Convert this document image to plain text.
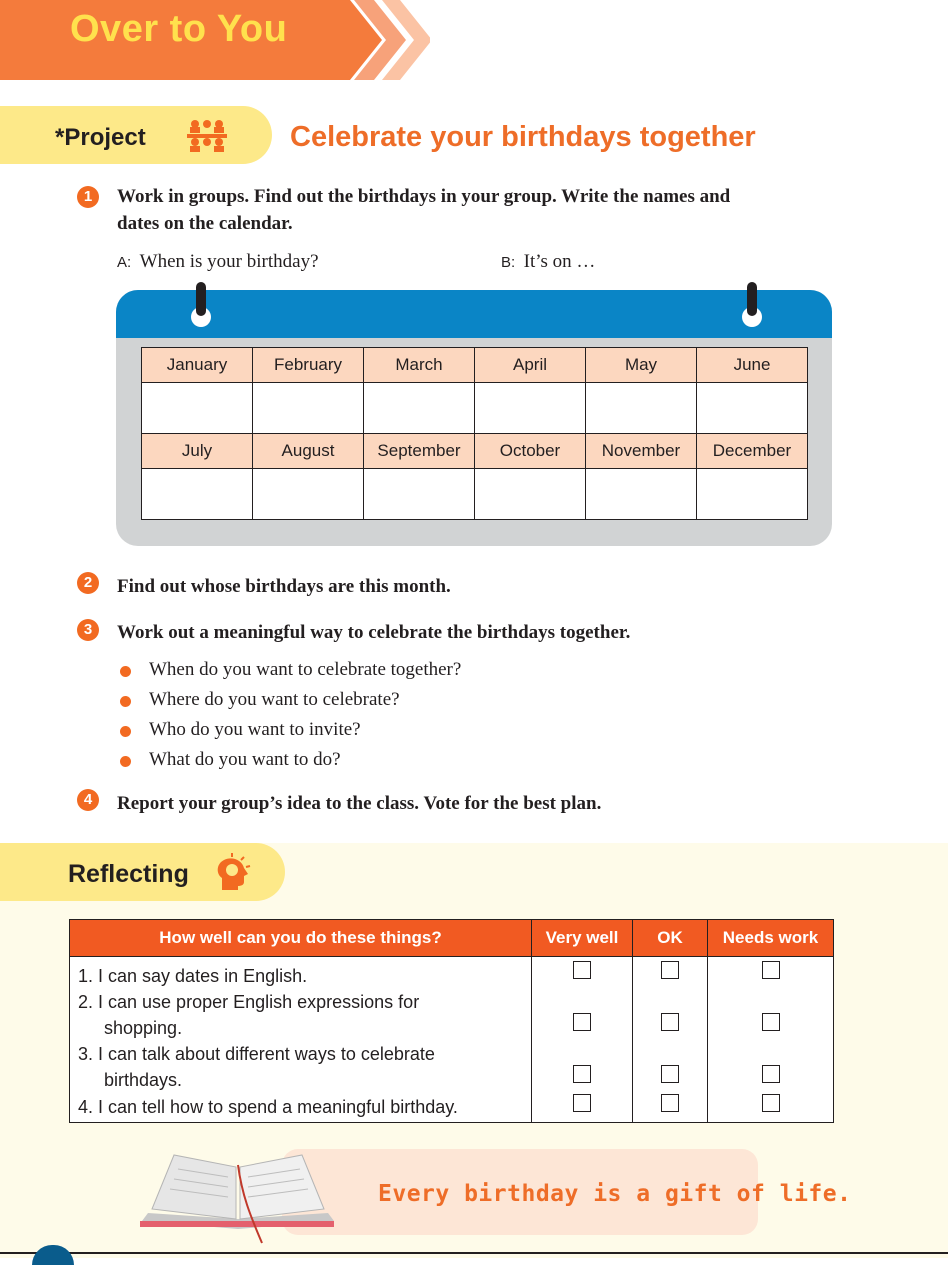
Over to You
*Project	Celebrate your birthdays together
1	Work in groups. Find out the birthdays in your group. Write the names and
dates on the calendar.
A: When is your birthday?	B: It’s on …
January	February	March	April	May	June

July	August	September	October	November	December

2	Find out whose birthdays are this month.
3	Work out a meaningful way to celebrate the birthdays together.
When do you want to celebrate together?
Where do you want to celebrate?
Who do you want to invite?
What do you want to do?
4	Report your group’s idea to the class. Vote for the best plan.
Reflecting
How well can you do these things?	Very well	OK	Needs work

1. I can say dates in English.			

2. I can use proper English expressions for
shopping.			

3. I can talk about different ways to celebrate
birthdays.			

4. I can tell how to spend a meaningful birthday.			

Every birthday is a gift of life.
